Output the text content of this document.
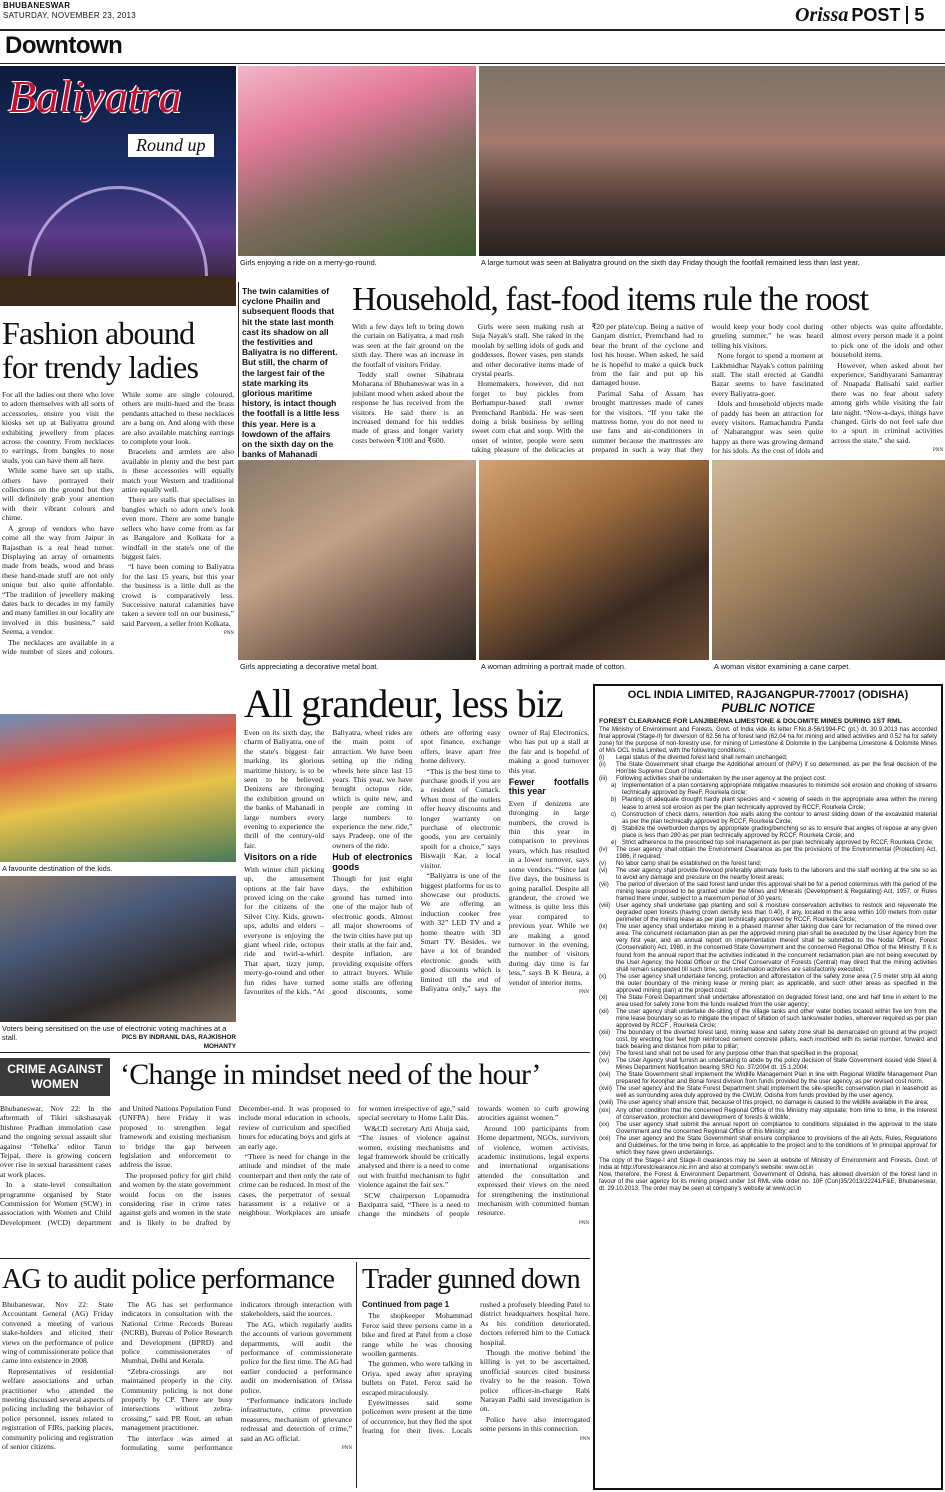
BHUBANESWAR
SATURDAY, NOVEMBER 23, 2013	Orissa POST 5
Downtown
Baliyatra
Round up
Girls enjoying a ride on a merry-go-round.	A large turnout was seen at Baliyatra ground on the sixth day Friday though the footfall remained less than last year.
Fashion abound for trendy ladies

For all the ladies out there who love to adorn themselves with all sorts of accessories, ensure you visit the kiosks set up at Baliyatra ground exhibiting jewellery from places across the country. From necklaces to earrings, from bangles to nose studs, you can have them all here.

While some have set up stalls, others have portrayed their collections on the ground but they will definitely grab your attention with their vibrant colours and chime.

A group of vendors who have come all the way from Jaipur in Rajasthan is a real head turner. Displaying an array of ornaments made from beads, wood and brass these hand-made stuff are not only unique but also quite affordable. “The tradition of jewellery making dates back to decades in my family and many families in our locality are involved in this business,” said Seema, a vendor.

The necklaces are available in a wide number of sizes and colours. While some are single coloured, others are multi-hued and the brass pendants attached to these necklaces are a bang on. And along with these are also available matching earrings to complete your look.

Bracelets and armlets are also available in plenty and the best part is these accessories will equally match your Western and traditional attire equally well.

There are stalls that specialises in bangles which to adorn one's look even more. There are some bangle sellers who have come from as far as Bangalore and Kolkata for a windfall in the state's one of the biggest fairs.

“I have been coming to Baliyatra for the last 15 years, but this year the business is a little dull as the crowd is comparatively less. Successive natural calamities have taken a severe toll on our business,” said Parveen, a seller from Kolkata.

PNN

The twin calamities of cyclone Phailin and subsequent floods that hit the state last month cast its shadow on all the festivities and Baliyatra is no different. But still, the charm of the largest fair of the state marking its glorious maritime history, is intact though the footfall is a little less this year. Here is a lowdown of the affairs on the sixth day on the banks of Mahanadi
Household, fast-food items rule the roost

With a few days left to bring down the curtain on Baliyatra, a mad rush was seen at the fair ground on the sixth day. There was an increase in the footfall of visitors Friday.

Teddy stall owner Sibabrata Moharana of Bhubaneswar was in a jubilant mood when asked about the response he has received from the visitors. He said there is an increased demand for his teddies made of grass and longer variety costs between ₹100 and ₹600.

Girls were seen making rush at Suja Nayak's stall. She raked in the moolah by selling idols of gods and goddesses, flower vases, pen stands and other decorative items made of crystal pearls.

Homemakers, however, did not forget to buy pickles from Berhampur-based stall owner Premchand Ranbida. He was seen doing a brisk business by selling sweet corn chat and soup. With the onset of winter, people were seen taking pleasure of the delicacies at ₹20 per plate/cup. Being a native of Ganjam district, Premchand had to bear the brunt of the cyclone and lost his house. When asked, he said he is hopeful to make a quick buck from the fair and put up his damaged house.

Parimal Saha of Assam has brought mattresses made of canes for the visitors. “If you take the mattress home, you do not need to use fans and air-conditioners in summer because the mattresses are prepared in such a way that they would keep your body cool during grueling summer,” he was heard telling his visitors.

None forgot to spend a moment at Lakhmidhar Nayak's cotton painting stall. The stall erected at Gandhi Bazar seems to have fascinated every Baliyatra-goer.

Idols and household objects made of paddy has been an attraction for every visitors. Ramachandra Panda of Nabarangpur was seen quite happy as there was growing demand for his idols. As the cost of idols and other objects was quite affordable, almost every person made it a point to pick one of the idols and other household items.

However, when asked about her experience, Sandhyarani Samantray of Nuapada Balisahi said earlier there was no fear about safety among girls while visiting the fair late night. “Now-a-days, things have changed. Girls do not feel safe due to a spurt in criminal activities across the state,” she said.

PNN

Girls appreciating a decorative metal boat.	A woman admiring a portrait made of cotton.	A woman visitor examining a cane carpet.
A favourite destination of the kids.
Voters being sensitised on the use of electronic voting machines at a stall.	PICS BY INDRANIL DAS, RAJKISHOR MOHANTY
All grandeur, less biz

Even on its sixth day, the charm of Baliyatra, one of the state's biggest fair marking its glorious maritime history, is to be seen to be believed. Denizens are thronging the exhibition ground on the banks of Mahanadi in large numbers every evening to experience the thrill of the century-old fair.

Visitors on a ride

With winter chill picking up, the amusement options at the fair have proved icing on the cake for the citizens of the Silver City. Kids, grown-ups, adults and elders – everyone is enjoying the giant wheel ride, octopus ride and twirl-a-whirl. That apart, tizzy jump, merry-go-round and other fun rides have turned favourites of the kids. “At Baliyatra, wheel rides are the main point of attraction. We have been setting up the riding wheels here since last 15 years. This year, we have brought octopus ride, which is quite new, and people are coming in large numbers to experience the new ride,” says Pradeep, one of the owners of the ride.

Hub of electronics goods

Though for just eight days, the exhibition ground has turned into one of the major hub of electronic goods. Almost all major showrooms of the twin cities have put up their stalls at the fair and, despite inflation, are providing exquisite offers to attract buyers. While some stalls are offering good discounts, some others are offering easy spot finance, exchange offers, leave apart free home delivery.

“This is the best time to purchase goods if you are a resident of Cuttack. When most of the outlets offer heavy discounts and longer warranty on purchase of electronic goods, you are certainly spoilt for a choice,” says Biswajit Kar, a local visitor.

“Baliyatra is one of the biggest platforms for us to showcase our products. We are offering an induction cooker free with 32” LED TV and a home theatre with 3D Smart TV. Besides, we have a lot of branded electronic goods with good discounts which is limited till the end of Baliyatra only,” says the owner of Raj Electronics, who has put up a stall at the fair and is hopeful of making a good turnover this year.

Fewer footfalls this year

Even if denizens are thronging in large numbers, the crowd is thin this year in comparison to previous years, which has resulted in a lower turnover, says some vendors. “Since last five days, the business is going parallel. Despite all grandeur, the crowd we witness is quite less this year compared to previous year. While we are making a good turnover in the evening, the number of visitors during day time is far less,” says B K Beura, a vendor of interior items.

PNN

CRIME AGAINST WOMEN	‘Change in mindset need of the hour’

Bhubaneswar, Nov 22: In the aftermath of Tikiri sikshasayak Itishree Pradhan immolation case and the ongoing sexual assault slur against ‘Tehelka’ editor Tarun Tejpal, there is growing concern over rise in sexual harassment cases at work places.

In a state-level consultation programme organised by State Commission for Women (SCW) in association with Women and Child Development (WCD) department and United Nations Population Fund (UNFPA) here Friday it was proposed to strengthen legal framework and existing mechanism to bridge the gap between legislation and enforcement to address the issue.

The proposed policy for girl child and women by the state government would focus on the issues considering rise in crime rates against girls and women in the state and is likely to be drafted by December-end. It was proposed to include moral education in schools, review of curriculum and specified hours for educating boys and girls at an early age.

“There is need for change in the attitude and mindset of the male counterpart and then only the rate of crime can be reduced. In most of the cases, the perpetrator of sexual harassment is a relative or a neighbour. Workplaces are unsafe for women irrespective of age,” said special secretary to Home Lalit Das.

W&CD secretary Arti Ahuja said, “The issues of violence against women, existing mechanisms and legal framework should be critically analysed and there is a need to come out with fruitful mechanism to fight violence against the fair sex.”

SCW chairperson Lopamudra Baxipatra said, “There is a need to change the mindsets of people towards women to curb growing atrocities against women.”

Around 100 participants from Home department, NGOs, survivors of violence, women activists, academic institutions, legal experts and international organisations attended the consultation and expressed their views on the need for strengthening the institutional mechanism with committed human resource.

PNN

AG to audit police performance

Bhubaneswar, Nov 22: State Accountant General (AG) Friday convened a meeting of various stake-holders and elicited their views on the performance of police wing of commissionerate police that came into existence in 2008.

Representatives of residential welfare associations and urban practitioner who attended the meeting discussed several aspects of policing including the behavior of police personnel, issues related to registration of FIRs, parking places, community policing and registration of senior citizens.

The AG has set performance indicators in consultation with the National Crime Records Bureau (NCRB), Bureau of Police Research and Development (BPRD) and police commissionerates of Mumbai, Delhi and Kerala.

“Zebra-crossings are not maintained properly in the city. Community policing is not done properly by CP. There are busy intersections without zebra-crossing,” said PR Rout, an urban management practitioner.

The interface was aimed at formulating some performance indicators through interaction with stakeholders, said the sources.

The AG, which regularly audits the accounts of various government departments, will audit the performance of commissionerate police for the first time. The AG had earlier conducted a performance audit on modernisation of Orissa police.

“Performance indicators include infrastructure, crime prevention measures, mechanism of grievance redressal and detection of crime,” said an AG official.

PNN

Trader gunned down
Continued from page 1

The shopkeeper Mohammad Feroz said three persons came in a bike and fired at Patel from a close range while he was choosing woollen garments.

The gunmen, who were talking in Oriya, sped away after spraying bullets on Patel. Feroz said he escaped miraculously.

Eyewitnesses said some policemen were present at the time of occurrence, but they fled the spot fearing for their lives. Locals rushed a profusely bleeding Patel to district headquarters hospital here. As his condition deteriorated, doctors referred him to the Cuttack hospital.

Though the motive behind the killing is yet to be ascertained, unofficial sources cited business rivalry to be the reason. Town police officer-in-charge Rabi Narayan Padhi said investigation is on.

Police have also interrogated some persons in this connection.

PNN

OCL INDIA LIMITED, RAJGANGPUR-770017 (ODISHA)
PUBLIC NOTICE
FOREST CLEARANCE FOR LANJIBERNA LIMESTONE & DOLOMITE MINES DURING 1ST RML
The Ministry of Environment and Forests, Govt. of India vide its letter F.No.8-56/1994-FC (pt.) dt. 30.9.2013 has accorded final approval (Stage-II) for diversion of 62.56 ha of forest land (62.04 ha for mining and allied activities and 0.52 ha for safety zone) for the purpose of non-forestry use, for mining of Limestone & Dolomite in the Lanjiberna Limestone & Dolomite Mines of M/s OCL India Limited, with the following conditions:
(i)	Legal status of the diverted forest land shall remain unchanged;
(ii)	The State Government shall charge the Additional amount of (NPV) if so determined, as per the final decision of the Hon'ble Supreme Court of India;
(iii)	Following activities shall be undertaken by the user agency at the project cost:
a) Implementation of a plan containing appropriate mitigative measures to minimize soil erosion and choking of streams technically approved by ReeF, Rourkela circle;
b) Planting of adequate drought hardy plant species and < sowing of seeds in the appropriate area within the mining lease to arrest soil erosion as per the plan technically approved by RCCF, Rourkela Circle;
c) Construction of check dams, retention /toe walls along the contour to arrest sliding down of the excavated material as per the plan technically approved by RCCF, Rourkela Circle;
d) Stabilize the overburden dumps by appropriate grading/benching so as to ensure that angles of repose at any given place is less than 280 as per plan technically approved by RCCF, Rourkela Circle; and
e) Strict adherence to the prescribed top soil management as per plan technically approved by RCCF, Rourkela Circle;
(iv)	The user agency shall obtain the Environment Clearance as per the provisions of the Environmental (Protection) Act, 1986, if required;
(v)	No labor camp shall be established on the forest land;
(vi)	The user agency shall provide firewood preferably alternate fuels to the laborers and the staff working at the site so as to avoid any damage and pressure on the nearby forest areas;
(vii)	The period of diversion of the said forest land under this approval shall be for a period coterminus with the period of the mining lease proposed to be granted under the Mines and Minerals (Development & Regulating) Act, 1957, or Rules framed there under, subject to a maximum period of 30 years;
(viii) User agency shall undertake gap planting and soil & moisture conservation activities to restock and rejuvenate the degraded open forests (having crown density less than 0.40), if any, located in the area within 100 meters from outer perimeter of the mining lease as per plan technically approved by RCCF, Rourkela Circle;
(ix)	The user agency shall undertake mining in a phased manner after taking due care for reclamation of the mined over area. The concurrent reclamation plan as per the approved mining plan shall be executed by the User Agency from the very first year, and an annual report on implementation thereof shall be submitted to the Nodal Officer, Forest (Conservation) Act, 1980, in the concerned State Government and the concerned Regional Office of the Ministry. If it is found from the annual report that the activities indicated in the concurrent reclamation plan are not being executed by the User Agency, the Nodal Officer or the Chief Conservator of Forests (Central) may direct that the mining activities shall remain suspended till such time, such reclamation activities are satisfactorily executed;
(x)	The user agency shall undertake fencing, protection and afforestation of the safety zone area (7.5 meter strip all along the outer boundary of the mining lease or mining plan; as applicable, and such other areas as specified in the approved mining plan) at the project cost;
(xi)	The State Forest Department shall undertake afforestation on degraded forest land, one and half time in extent to the area used for safety zone from the funds realized from the user agency;
(xii)	The user agency shall undertake de-silting of the village tanks and other water bodies located within five km from the mine lease boundary so as to mitigate the impact of siltation of such tanks/water bodies, wherever required as per plan approved by RCCF , Rourkela Circle;
(xiii) The boundary of the diverted forest land, mining lease and safety zone shall be demarcated on ground at the project cost, by erecting four feet high reinforced cement concrete pillars, each inscribed with its serial number, forward and back bearing and distance from pillar to pillar;
(xiv) The forest land shall not be used for any purpose other than that specified in the proposal;
(xv)	The User Agency shall furnish an undertaking to abide by the policy decision of State Government issued vide Steel & Mines Department Notification bearing SRO No. 37/2004 dt. 15.1.2004;
(xvi) The State Government shall implement the Wildlife Management Plan in line with Regional Wildlife Management Plan prepared for Keonjhar and Bonai forest division from funds provided by the user agency, as per revised cost norm.
(xvii) The user agency and the State Forest Department shall implement the site-specific conservation plan in leasehold as well as surrounding area duly approved by the CWLW, Odisha from funds provided by the user agency.
(xviii) The user agency shall ensure that, because of this project, no damage is caused to the wildlife available in the area;
(xix) Any other condition that the concerned Regional Office of this Ministry may stipulate; from time to time, in the interest of conservation, protection and development of forests & wildlife;
(xx)	The user agency shall submit the annual report on compliance to conditions stipulated in the approval to the state Government and the concerned Regional Office of this Ministry; and
(xxi) The user agency and the State Government shall ensure compliance to provisions of the all Acts, Rules, Regulations and Guidelines, for the time being in force, as applicable to the project and to the conditions of 'in principal approval' for which they have given undertakings.
The copy of the Stage-I and Stage-II clearances may be seen at website of Ministry of Environment and Forests, Govt. of India at http://forestclearance.nic.inn and also at company's website: www.ocl.in
Now, therefore, the Forest & Environment Department, Government of Odisha, has allowed diversion of the forest land in favour of the user agency for its mining project under 1st RML vide order no. 10F (Con)35/2013/22241/F&E, Bhubaneswar, dt. 29.10.2013. The order may be seen at company's website at www.ocl.in
